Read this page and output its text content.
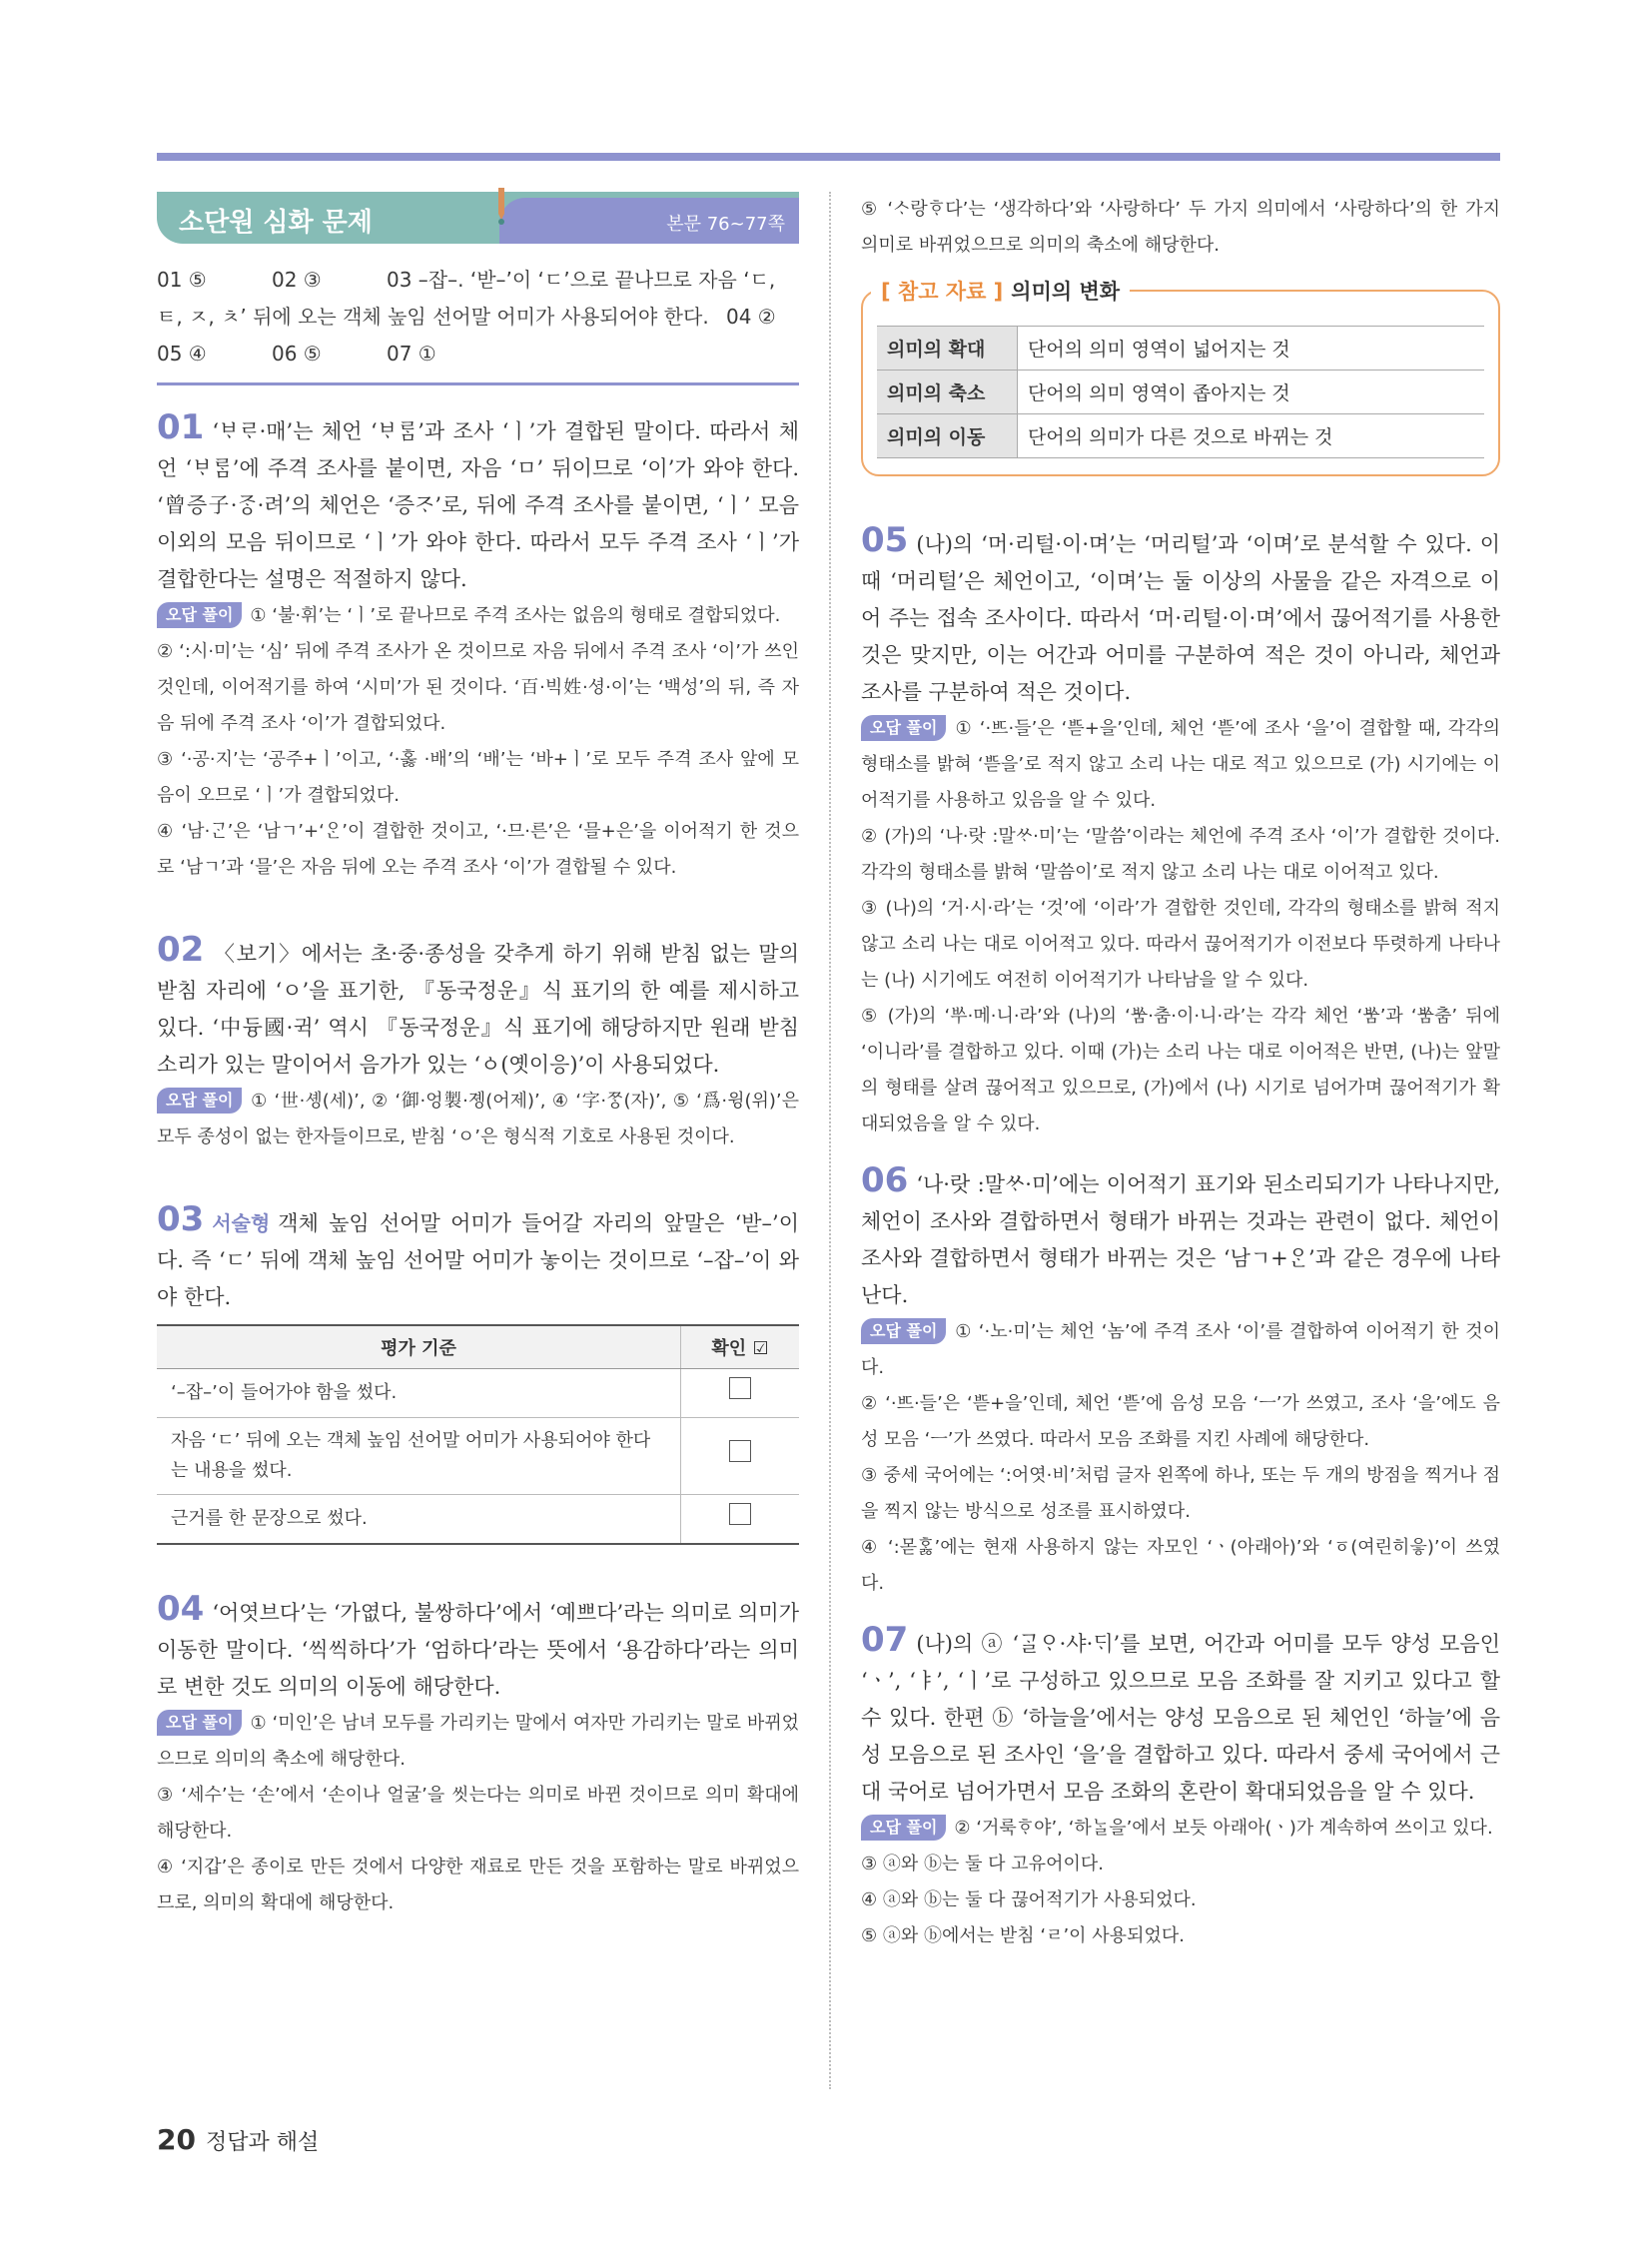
소단원 심화 문제	본문 76~77쪽
01 ⑤	02 ③	03 –잡–. ‘받–’이 ‘ㄷ’으로 끝나므로 자음 ‘ㄷ,
ㅌ, ㅈ, ㅊ’ 뒤에 오는 객체 높임 선어말 어미가 사용되어야 한다. 04 ②
05 ④	06 ⑤	07 ①
01 ‘ᄇᆞᄅᆞ·매’는 체언 ‘ᄇᆞᄅᆞᆷ’과 조사 ‘ㅣ’가 결합된 말이다. 따라서 체언 ‘ᄇᆞᄅᆞᆷ’에 주격 조사를 붙이면, 자음 ‘ㅁ’ 뒤이므로 ‘이’가 와야 한다. ‘曾증子·ᄌᆞᆼ·려’의 체언은 ‘증ᄌᆞ’로, 뒤에 주격 조사를 붙이면, ‘ㅣ’ 모음 이외의 모음 뒤이므로 ‘ㅣ’가 와야 한다. 따라서 모두 주격 조사 ‘ㅣ’가 결합한다는 설명은 적절하지 않다.
오답 풀이 ① ‘불·휘’는 ‘ㅣ’로 끝나므로 주격 조사는 없음의 형태로 결합되었다.
② ‘:시·미’는 ‘심’ 뒤에 주격 조사가 온 것이므로 자음 뒤에서 주격 조사 ‘이’가 쓰인 것인데, 이어적기를 하여 ‘시미’가 된 것이다. ‘百·빅姓·셩·이’는 ‘백성’의 뒤, 즉 자음 뒤에 주격 조사 ‘이’가 결합되었다.
③ ‘·공·지’는 ‘공주+ㅣ’이고, ‘·홇 ·배’의 ‘배’는 ‘바+ㅣ’로 모두 주격 조사 앞에 모음이 오므로 ‘ㅣ’가 결합되었다.
④ ‘남·ᄀᆞᆫ’은 ‘남ㄱ’+‘ᄋᆞᆫ’이 결합한 것이고, ‘·므·른’은 ‘믈+은’을 이어적기 한 것으로 ‘남ㄱ’과 ‘믈’은 자음 뒤에 오는 주격 조사 ‘이’가 결합될 수 있다.
02 〈보기〉에서는 초·중·종성을 갖추게 하기 위해 받침 없는 말의 받침 자리에 ‘ㅇ’을 표기한, 『동국정운』식 표기의 한 예를 제시하고 있다. ‘中듕國·귁’ 역시 『동국정운』식 표기에 해당하지만 원래 받침 소리가 있는 말이어서 음가가 있는 ‘ㆁ(옛이응)’이 사용되었다.
오답 풀이 ① ‘世·솅(세)’, ② ‘御·엉製·졩(어제)’, ④ ‘字·ᄍᆞᆼ(자)’, ⑤ ‘爲·윙(위)’은 모두 종성이 없는 한자들이므로, 받침 ‘ㅇ’은 형식적 기호로 사용된 것이다.
03 서술형 객체 높임 선어말 어미가 들어갈 자리의 앞말은 ‘받–’이다. 즉 ‘ㄷ’ 뒤에 객체 높임 선어말 어미가 놓이는 것이므로 ‘–잡–’이 와야 한다.
평가 기준	확인 ☑
‘–잡–’이 들어가야 함을 썼다.	
자음 ‘ㄷ’ 뒤에 오는 객체 높임 선어말 어미가 사용되어야 한다는 내용을 썼다.	
근거를 한 문장으로 썼다.	
04 ‘어엿브다’는 ‘가엾다, 불쌍하다’에서 ‘예쁘다’라는 의미로 의미가 이동한 말이다. ‘씩씩하다’가 ‘엄하다’라는 뜻에서 ‘용감하다’라는 의미로 변한 것도 의미의 이동에 해당한다.
오답 풀이 ① ‘미인’은 남녀 모두를 가리키는 말에서 여자만 가리키는 말로 바뀌었으므로 의미의 축소에 해당한다.
③ ‘세수’는 ‘손’에서 ‘손이나 얼굴’을 씻는다는 의미로 바뀐 것이므로 의미 확대에 해당한다.
④ ‘지갑’은 종이로 만든 것에서 다양한 재료로 만든 것을 포함하는 말로 바뀌었으므로, 의미의 확대에 해당한다.
⑤ ‘ᄉᆞ랑ᄒᆞ다’는 ‘생각하다’와 ‘사랑하다’ 두 가지 의미에서 ‘사랑하다’의 한 가지 의미로 바뀌었으므로 의미의 축소에 해당한다.
[ 참고 자료 ] 의미의 변화
의미의 확대	단어의 의미 영역이 넓어지는 것
의미의 축소	단어의 의미 영역이 좁아지는 것
의미의 이동	단어의 의미가 다른 것으로 바뀌는 것
05 (나)의 ‘머·리털·이·며’는 ‘머리털’과 ‘이며’로 분석할 수 있다. 이때 ‘머리털’은 체언이고, ‘이며’는 둘 이상의 사물을 같은 자격으로 이어 주는 접속 조사이다. 따라서 ‘머·리털·이·며’에서 끊어적기를 사용한 것은 맞지만, 이는 어간과 어미를 구분하여 적은 것이 아니라, 체언과 조사를 구분하여 적은 것이다.
오답 풀이 ① ‘·ᄠᅳ·들’은 ‘ᄠᅳᆮ+을’인데, 체언 ‘ᄠᅳᆮ’에 조사 ‘을’이 결합할 때, 각각의 형태소를 밝혀 ‘ᄠᅳᆮ을’로 적지 않고 소리 나는 대로 적고 있으므로 (가) 시기에는 이어적기를 사용하고 있음을 알 수 있다.
② (가)의 ‘나·랏 :말ᄊᆞ·미’는 ‘말씀’이라는 체언에 주격 조사 ‘이’가 결합한 것이다. 각각의 형태소를 밝혀 ‘말씀이’로 적지 않고 소리 나는 대로 이어적고 있다.
③ (나)의 ‘거·시·라’는 ‘것’에 ‘이라’가 결합한 것인데, 각각의 형태소를 밝혀 적지 않고 소리 나는 대로 이어적고 있다. 따라서 끊어적기가 이전보다 뚜렷하게 나타나는 (나) 시기에도 여전히 이어적기가 나타남을 알 수 있다.
⑤ (가)의 ‘ᄡᅮ·메·니·라’와 (나)의 ‘ᄡᅮᆷ·춤·이·니·라’는 각각 체언 ‘ᄡᅮᆷ’과 ‘ᄡᅮᆷ춤’ 뒤에 ‘이니라’를 결합하고 있다. 이때 (가)는 소리 나는 대로 이어적은 반면, (나)는 앞말의 형태를 살려 끊어적고 있으므로, (가)에서 (나) 시기로 넘어가며 끊어적기가 확대되었음을 알 수 있다.
06 ‘나·랏 :말ᄊᆞ·미’에는 이어적기 표기와 된소리되기가 나타나지만, 체언이 조사와 결합하면서 형태가 바뀌는 것과는 관련이 없다. 체언이 조사와 결합하면서 형태가 바뀌는 것은 ‘남ㄱ+ᄋᆞᆫ’과 같은 경우에 나타난다.
오답 풀이 ① ‘·노·미’는 체언 ‘놈’에 주격 조사 ‘이’를 결합하여 이어적기 한 것이다.
② ‘·ᄠᅳ·들’은 ‘ᄠᅳᆮ+을’인데, 체언 ‘ᄠᅳᆮ’에 음성 모음 ‘ㅡ’가 쓰였고, 조사 ‘을’에도 음성 모음 ‘ㅡ’가 쓰였다. 따라서 모음 조화를 지킨 사례에 해당한다.
③ 중세 국어에는 ‘:어엿·비’처럼 글자 왼쪽에 하나, 또는 두 개의 방점을 찍거나 점을 찍지 않는 방식으로 성조를 표시하였다.
④ ‘:몯ᄒᆞᇙ’에는 현재 사용하지 않는 자모인 ‘ㆍ(아래아)’와 ‘ㆆ(여린히읗)’이 쓰였다.
07 (나)의 ⓐ ‘ᄀᆞᆯᄋᆞ·샤·ᄃᆡ’를 보면, 어간과 어미를 모두 양성 모음인 ‘ㆍ’, ‘ㅑ’, ‘ㅣ’로 구성하고 있으므로 모음 조화를 잘 지키고 있다고 할 수 있다. 한편 ⓑ ‘하늘을’에서는 양성 모음으로 된 체언인 ‘하늘’에 음성 모음으로 된 조사인 ‘을’을 결합하고 있다. 따라서 중세 국어에서 근대 국어로 넘어가면서 모음 조화의 혼란이 확대되었음을 알 수 있다.
오답 풀이 ② ‘거룩ᄒᆞ야’, ‘하ᄂᆞᆯ을’에서 보듯 아래아(ㆍ)가 계속하여 쓰이고 있다.
③ ⓐ와 ⓑ는 둘 다 고유어이다.
④ ⓐ와 ⓑ는 둘 다 끊어적기가 사용되었다.
⑤ ⓐ와 ⓑ에서는 받침 ‘ㄹ’이 사용되었다.
20 정답과 해설
